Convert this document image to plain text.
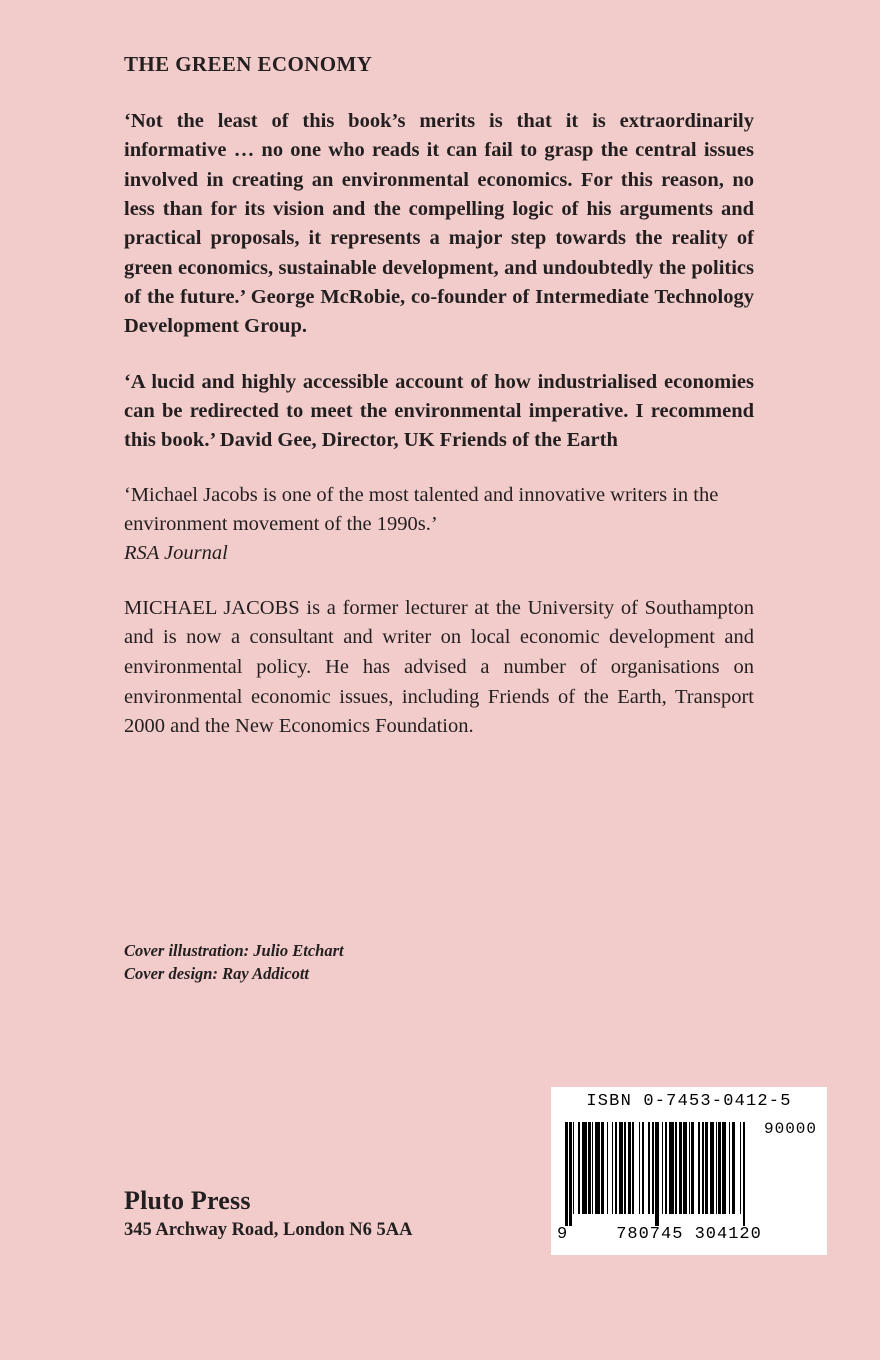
THE GREEN ECONOMY

‘Not the least of this book’s merits is that it is extraordinarily informative … no one who reads it can fail to grasp the central issues involved in creating an environmental economics. For this reason, no less than for its vision and the compelling logic of his arguments and practical proposals, it represents a major step towards the reality of green economics, sustainable development, and undoubtedly the politics of the future.’ George McRobie, co-founder of Intermediate Technology Development Group.

‘A lucid and highly accessible account of how industrialised economies can be redirected to meet the environmental imperative. I recommend this book.’ David Gee, Director, UK Friends of the Earth

‘Michael Jacobs is one of the most talented and innovative writers in the environment movement of the 1990s.’
RSA Journal

MICHAEL JACOBS is a former lecturer at the University of Southampton and is now a consultant and writer on local economic development and environmental policy. He has advised a number of organisations on environmental economic issues, including Friends of the Earth, Transport 2000 and the New Economics Foundation.

Cover illustration: Julio Etchart
Cover design: Ray Addicott
Pluto Press
345 Archway Road, London N6 5AA
ISBN 0-7453-0412-5
90000
9	780745 304120
